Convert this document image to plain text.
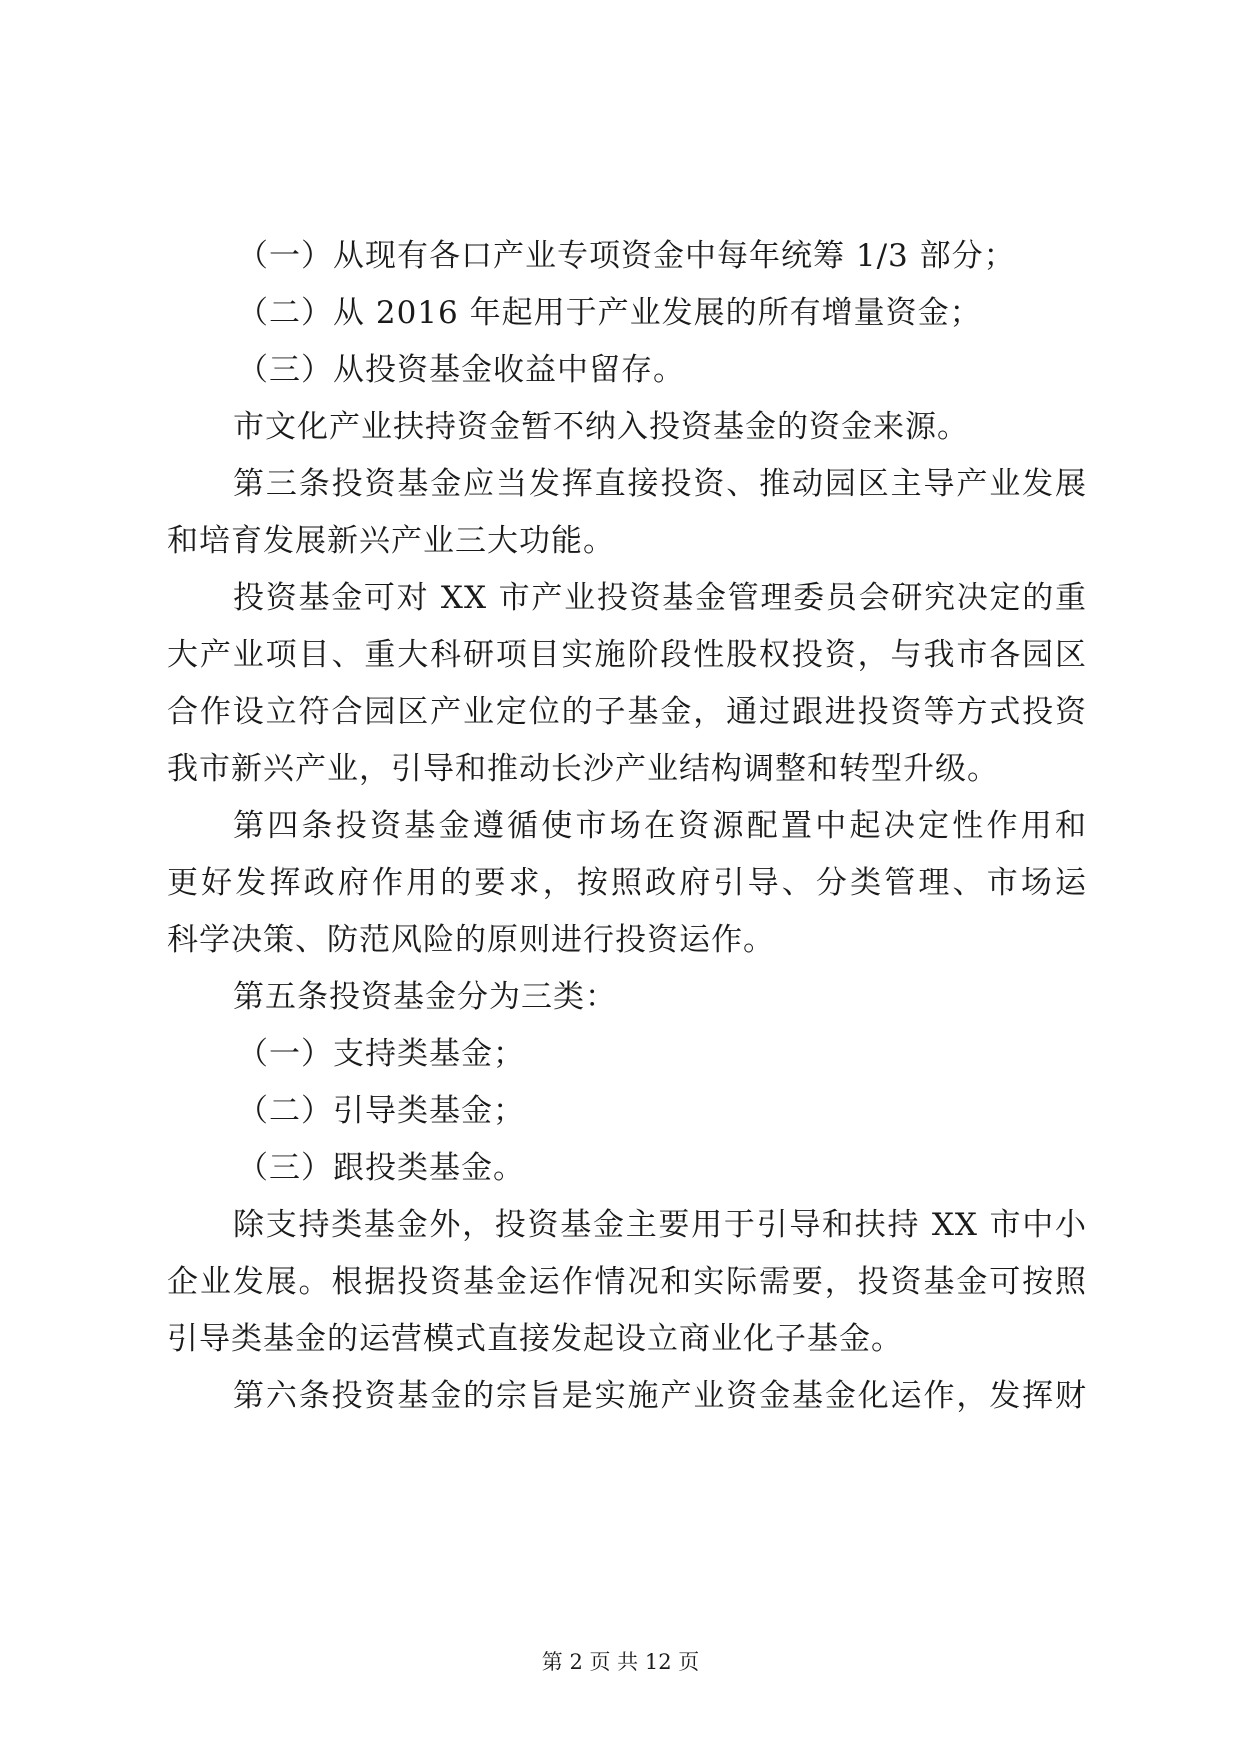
（一）从现有各口产业专项资金中每年统筹 1/3 部分；
（二）从 2016 年起用于产业发展的所有增量资金；
（三）从投资基金收益中留存。
市文化产业扶持资金暂不纳入投资基金的资金来源。
第三条投资基金应当发挥直接投资、推动园区主导产业发展
和培育发展新兴产业三大功能。
投资基金可对 XX 市产业投资基金管理委员会研究决定的重
大产业项目、重大科研项目实施阶段性股权投资，与我市各园区
合作设立符合园区产业定位的子基金，通过跟进投资等方式投资
我市新兴产业，引导和推动长沙产业结构调整和转型升级。
第四条投资基金遵循使市场在资源配置中起决定性作用和
更好发挥政府作用的要求，按照政府引导、分类管理、市场运
科学决策、防范风险的原则进行投资运作。
第五条投资基金分为三类：
（一）支持类基金；
（二）引导类基金；
（三）跟投类基金。
除支持类基金外，投资基金主要用于引导和扶持 XX 市中小
企业发展。根据投资基金运作情况和实际需要，投资基金可按照
引导类基金的运营模式直接发起设立商业化子基金。
第六条投资基金的宗旨是实施产业资金基金化运作，发挥财
第 2 页 共 12 页
